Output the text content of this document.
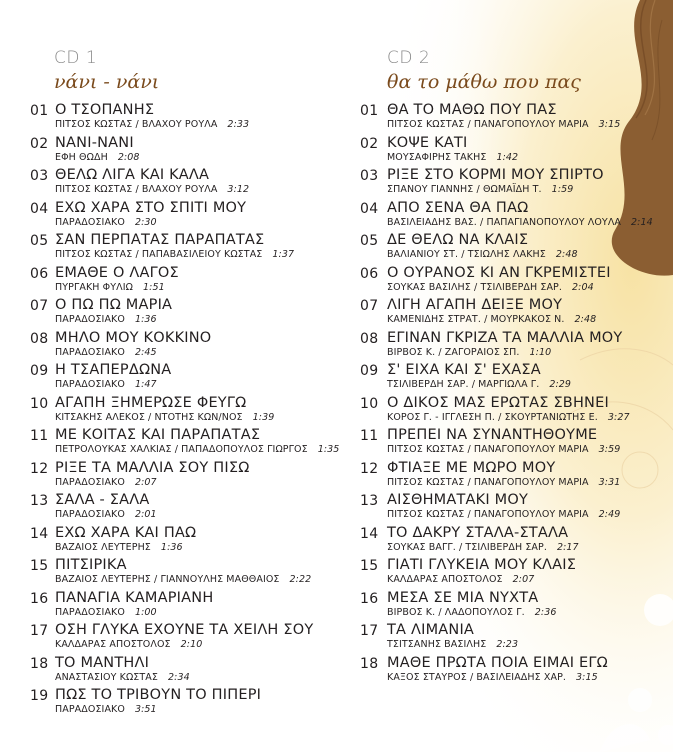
CD 1
νάνι - νάνι
01 Ο ΤΣΟΠΑΝΗΣ
ΠΙΤΣΟΣ ΚΩΣΤΑΣ / ΒΛΑΧΟΥ ΡΟΥΛΑ 2:33
02 ΝΑΝΙ-ΝΑΝΙ
ΕΦΗ ΘΩΔΗ 2:08
03 ΘΕΛΩ ΛΙΓΑ ΚΑΙ ΚΑΛΑ
ΠΙΤΣΟΣ ΚΩΣΤΑΣ / ΒΛΑΧΟΥ ΡΟΥΛΑ 3:12
04 ΕΧΩ ΧΑΡΑ ΣΤΟ ΣΠΙΤΙ ΜΟΥ
ΠΑΡΑΔΟΣΙΑΚΟ 2:30
05 ΣΑΝ ΠΕΡΠΑΤΑΣ ΠΑΡΑΠΑΤΑΣ
ΠΙΤΣΟΣ ΚΩΣΤΑΣ / ΠΑΠΑΒΑΣΙΛΕΙΟΥ ΚΩΣΤΑΣ 1:37
06 ΕΜΑΘΕ Ο ΛΑΓΟΣ
ΠΥΡΓΑΚΗ ΦΥΛΙΩ 1:51
07 Ο ΠΩ ΠΩ ΜΑΡΙΑ
ΠΑΡΑΔΟΣΙΑΚΟ 1:36
08 ΜΗΛΟ ΜΟΥ ΚΟΚΚΙΝΟ
ΠΑΡΑΔΟΣΙΑΚΟ 2:45
09 Η ΤΣΑΠΕΡΔΩΝΑ
ΠΑΡΑΔΟΣΙΑΚΟ 1:47
10 ΑΓΑΠΗ ΞΗΜΕΡΩΣΕ ΦΕΥΓΩ
ΚΙΤΣΑΚΗΣ ΑΛΕΚΟΣ / ΝΤΟΤΗΣ ΚΩΝ/ΝΟΣ 1:39
11 ΜΕ ΚΟΙΤΑΣ ΚΑΙ ΠΑΡΑΠΑΤΑΣ
ΠΕΤΡΟΛΟΥΚΑΣ ΧΑΛΚΙΑΣ / ΠΑΠΑΔΟΠΟΥΛΟΣ ΓΙΩΡΓΟΣ 1:35
12 ΡΙΞΕ ΤΑ ΜΑΛΛΙΑ ΣΟΥ ΠΙΣΩ
ΠΑΡΑΔΟΣΙΑΚΟ 2:07
13 ΣΑΛΑ - ΣΑΛΑ
ΠΑΡΑΔΟΣΙΑΚΟ 2:01
14 ΕΧΩ ΧΑΡΑ ΚΑΙ ΠΑΩ
ΒΑΖΑΙΟΣ ΛΕΥΤΕΡΗΣ 1:36
15 ΠΙΤΣΙΡΙΚΑ
ΒΑΖΑΙΟΣ ΛΕΥΤΕΡΗΣ / ΓΙΑΝΝΟΥΛΗΣ ΜΑΘΘΑΙΟΣ 2:22
16 ΠΑΝΑΓΙΑ ΚΑΜΑΡΙΑΝΗ
ΠΑΡΑΔΟΣΙΑΚΟ 1:00
17 ΟΣΗ ΓΛΥΚΑ ΕΧΟΥΝΕ ΤΑ ΧΕΙΛΗ ΣΟΥ
ΚΑΛΔΑΡΑΣ ΑΠΟΣΤΟΛΟΣ 2:10
18 ΤΟ ΜΑΝΤΗΛΙ
ΑΝΑΣΤΑΣΙΟΥ ΚΩΣΤΑΣ 2:34
19 ΠΩΣ ΤΟ ΤΡΙΒΟΥΝ ΤΟ ΠΙΠΕΡΙ
ΠΑΡΑΔΟΣΙΑΚΟ 3:51
CD 2
θα το μάθω που πας
01 ΘΑ ΤΟ ΜΑΘΩ ΠΟΥ ΠΑΣ
ΠΙΤΣΟΣ ΚΩΣΤΑΣ / ΠΑΝΑΓΟΠΟΥΛΟΥ ΜΑΡΙΑ 3:15
02 ΚΟΨΕ ΚΑΤΙ
ΜΟΥΣΑΦΙΡΗΣ ΤΑΚΗΣ 1:42
03 ΡΙΞΕ ΣΤΟ ΚΟΡΜΙ ΜΟΥ ΣΠΙΡΤΟ
ΣΠΑΝΟΥ ΓΙΑΝΝΗΣ / ΘΩΜΑΪΔΗ Τ. 1:59
04 ΑΠΟ ΣΕΝΑ ΘΑ ΠΑΩ
ΒΑΣΙΛΕΙΑΔΗΣ ΒΑΣ. / ΠΑΠΑΓΙΑΝΟΠΟΥΛΟΥ ΛΟΥΛΑ 2:14
05 ΔΕ ΘΕΛΩ ΝΑ ΚΛΑΙΣ
ΒΑΛΙΑΝΙΟΥ ΣΤ. / ΤΣΙΩΛΗΣ ΛΑΚΗΣ 2:48
06 Ο ΟΥΡΑΝΟΣ ΚΙ ΑΝ ΓΚΡΕΜΙΣΤΕΙ
ΣΟΥΚΑΣ ΒΑΣΙΛΗΣ / ΤΣΙΛΙΒΕΡΔΗ ΣΑΡ. 2:04
07 ΛΙΓΗ ΑΓΑΠΗ ΔΕΙΞΕ ΜΟΥ
ΚΑΜΕΝΙΔΗΣ ΣΤΡΑΤ. / ΜΟΥΡΚΑΚΟΣ Ν. 2:48
08 ΕΓΙΝΑΝ ΓΚΡΙΖΑ ΤΑ ΜΑΛΛΙΑ ΜΟΥ
ΒΙΡΒΟΣ Κ. / ΖΑΓΟΡΑΙΟΣ ΣΠ. 1:10
09 Σ' ΕΙΧΑ ΚΑΙ Σ' ΕΧΑΣΑ
ΤΣΙΛΙΒΕΡΔΗ ΣΑΡ. / ΜΑΡΓΙΩΛΑ Γ. 2:29
10 Ο ΔΙΚΟΣ ΜΑΣ ΕΡΩΤΑΣ ΣΒΗΝΕΙ
ΚΟΡΟΣ Γ. - ΙΓΓΛΕΣΗ Π. / ΣΚΟΥΡΤΑΝΙΩΤΗΣ Ε. 3:27
11 ΠΡΕΠΕΙ ΝΑ ΣΥΝΑΝΤΗΘΟΥΜΕ
ΠΙΤΣΟΣ ΚΩΣΤΑΣ / ΠΑΝΑΓΟΠΟΥΛΟΥ ΜΑΡΙΑ 3:59
12 ΦΤΙΑΞΕ ΜΕ ΜΩΡΟ ΜΟΥ
ΠΙΤΣΟΣ ΚΩΣΤΑΣ / ΠΑΝΑΓΟΠΟΥΛΟΥ ΜΑΡΙΑ 3:31
13 ΑΙΣΘΗΜΑΤΑΚΙ ΜΟΥ
ΠΙΤΣΟΣ ΚΩΣΤΑΣ / ΠΑΝΑΓΟΠΟΥΛΟΥ ΜΑΡΙΑ 2:49
14 ΤΟ ΔΑΚΡΥ ΣΤΑΛΑ-ΣΤΑΛΑ
ΣΟΥΚΑΣ ΒΑΓΓ. / ΤΣΙΛΙΒΕΡΔΗ ΣΑΡ. 2:17
15 ΓΙΑΤΙ ΓΛΥΚΕΙΑ ΜΟΥ ΚΛΑΙΣ
ΚΑΛΔΑΡΑΣ ΑΠΟΣΤΟΛΟΣ 2:07
16 ΜΕΣΑ ΣΕ ΜΙΑ ΝΥΧΤΑ
ΒΙΡΒΟΣ Κ. / ΛΑΔΟΠΟΥΛΟΣ Γ. 2:36
17 ΤΑ ΛΙΜΑΝΙΑ
ΤΣΙΤΣΑΝΗΣ ΒΑΣΙΛΗΣ 2:23
18 ΜΑΘΕ ΠΡΩΤΑ ΠΟΙΑ ΕΙΜΑΙ ΕΓΩ
ΚΑΞΟΣ ΣΤΑΥΡΟΣ / ΒΑΣΙΛΕΙΑΔΗΣ ΧΑΡ. 3:15
